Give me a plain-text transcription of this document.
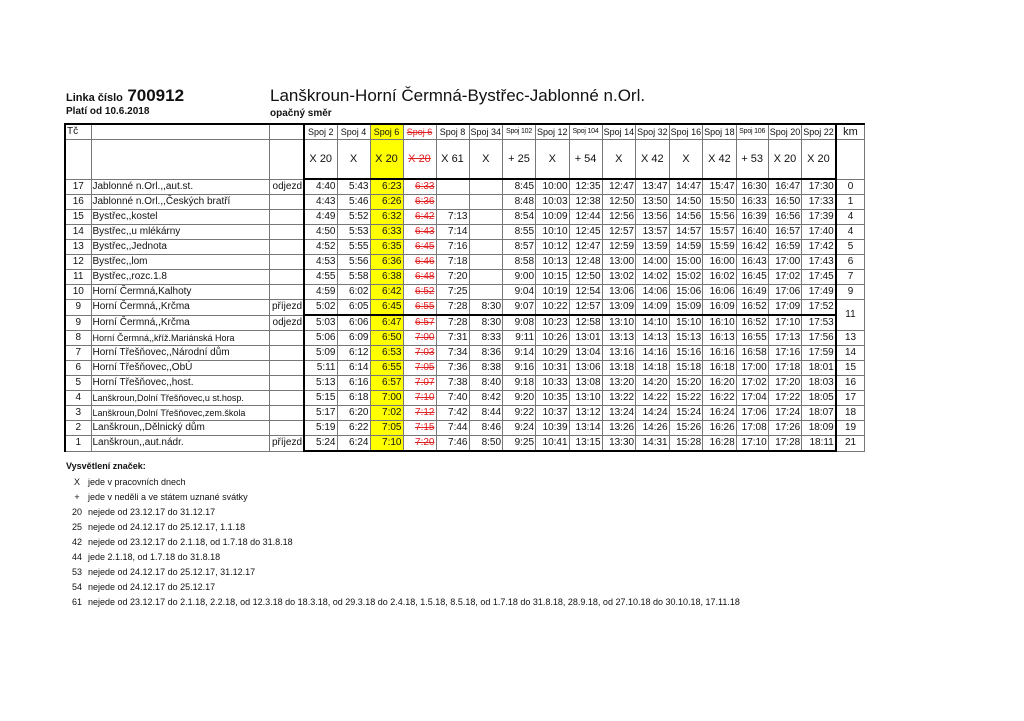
Linka číslo 700912
Platí od 10.6.2018
Lanškroun-Horní Čermná-Bystřec-Jablonné n.Orl.
opačný směr
Tč			Spoj 2	Spoj 4	Spoj 6	Spoj 6	Spoj 8	Spoj 34	Spoj 102	Spoj 12	Spoj 104	Spoj 14	Spoj 32	Spoj 16	Spoj 18	Spoj 106	Spoj 20	Spoj 22	km
			X 20	X	X 20	X 20	X 61	X	+ 25	X	+ 54	X	X 42	X	X 42	+ 53	X 20	X 20	
17	Jablonné n.Orl.,,aut.st.	odjezd	4:40	5:43	6:23	6:33			8:45	10:00	12:35	12:47	13:47	14:47	15:47	16:30	16:47	17:30	0
16	Jablonné n.Orl.,,Českých bratří		4:43	5:46	6:26	6:36			8:48	10:03	12:38	12:50	13:50	14:50	15:50	16:33	16:50	17:33	1
15	Bystřec,,kostel		4:49	5:52	6:32	6:42	7:13		8:54	10:09	12:44	12:56	13:56	14:56	15:56	16:39	16:56	17:39	4
14	Bystřec,,u mlékárny		4:50	5:53	6:33	6:43	7:14		8:55	10:10	12:45	12:57	13:57	14:57	15:57	16:40	16:57	17:40	4
13	Bystřec,,Jednota		4:52	5:55	6:35	6:45	7:16		8:57	10:12	12:47	12:59	13:59	14:59	15:59	16:42	16:59	17:42	5
12	Bystřec,,lom		4:53	5:56	6:36	6:46	7:18		8:58	10:13	12:48	13:00	14:00	15:00	16:00	16:43	17:00	17:43	6
11	Bystřec,,rozc.1.8		4:55	5:58	6:38	6:48	7:20		9:00	10:15	12:50	13:02	14:02	15:02	16:02	16:45	17:02	17:45	7
10	Horní Čermná,Kalhoty		4:59	6:02	6:42	6:52	7:25		9:04	10:19	12:54	13:06	14:06	15:06	16:06	16:49	17:06	17:49	9
9	Horní Čermná,,Krčma	příjezd	5:02	6:05	6:45	6:55	7:28	8:30	9:07	10:22	12:57	13:09	14:09	15:09	16:09	16:52	17:09	17:52	11
9	Horní Čermná,,Krčma	odjezd	5:03	6:06	6:47	6:57	7:28	8:30	9:08	10:23	12:58	13:10	14:10	15:10	16:10	16:52	17:10	17:53	
8	Horní Čermná,,kříž.Mariánská Hora		5:06	6:09	6:50	7:00	7:31	8:33	9:11	10:26	13:01	13:13	14:13	15:13	16:13	16:55	17:13	17:56	13
7	Horní Třešňovec,,Národní dům		5:09	6:12	6:53	7:03	7:34	8:36	9:14	10:29	13:04	13:16	14:16	15:16	16:16	16:58	17:16	17:59	14
6	Horní Třešňovec,,ObÚ		5:11	6:14	6:55	7:05	7:36	8:38	9:16	10:31	13:06	13:18	14:18	15:18	16:18	17:00	17:18	18:01	15
5	Horní Třešňovec,,host.		5:13	6:16	6:57	7:07	7:38	8:40	9:18	10:33	13:08	13:20	14:20	15:20	16:20	17:02	17:20	18:03	16
4	Lanškroun,Dolní Třešňovec,u st.hosp.		5:15	6:18	7:00	7:10	7:40	8:42	9:20	10:35	13:10	13:22	14:22	15:22	16:22	17:04	17:22	18:05	17
3	Lanškroun,Dolní Třešňovec,zem.škola		5:17	6:20	7:02	7:12	7:42	8:44	9:22	10:37	13:12	13:24	14:24	15:24	16:24	17:06	17:24	18:07	18
2	Lanškroun,,Dělnický dům		5:19	6:22	7:05	7:15	7:44	8:46	9:24	10:39	13:14	13:26	14:26	15:26	16:26	17:08	17:26	18:09	19
1	Lanškroun,,aut.nádr.	příjezd	5:24	6:24	7:10	7:20	7:46	8:50	9:25	10:41	13:15	13:30	14:31	15:28	16:28	17:10	17:28	18:11	21
Vysvětlení značek:
X jede v pracovních dnech
+ jede v neděli a ve státem uznané svátky
20 nejede od 23.12.17 do 31.12.17
25 nejede od 24.12.17 do 25.12.17, 1.1.18
42 nejede od 23.12.17 do 2.1.18, od 1.7.18 do 31.8.18
44 jede 2.1.18, od 1.7.18 do 31.8.18
53 nejede od 24.12.17 do 25.12.17, 31.12.17
54 nejede od 24.12.17 do 25.12.17
61 nejede od 23.12.17 do 2.1.18, 2.2.18, od 12.3.18 do 18.3.18, od 29.3.18 do 2.4.18, 1.5.18, 8.5.18, od 1.7.18 do 31.8.18, 28.9.18, od 27.10.18 do 30.10.18, 17.11.18
